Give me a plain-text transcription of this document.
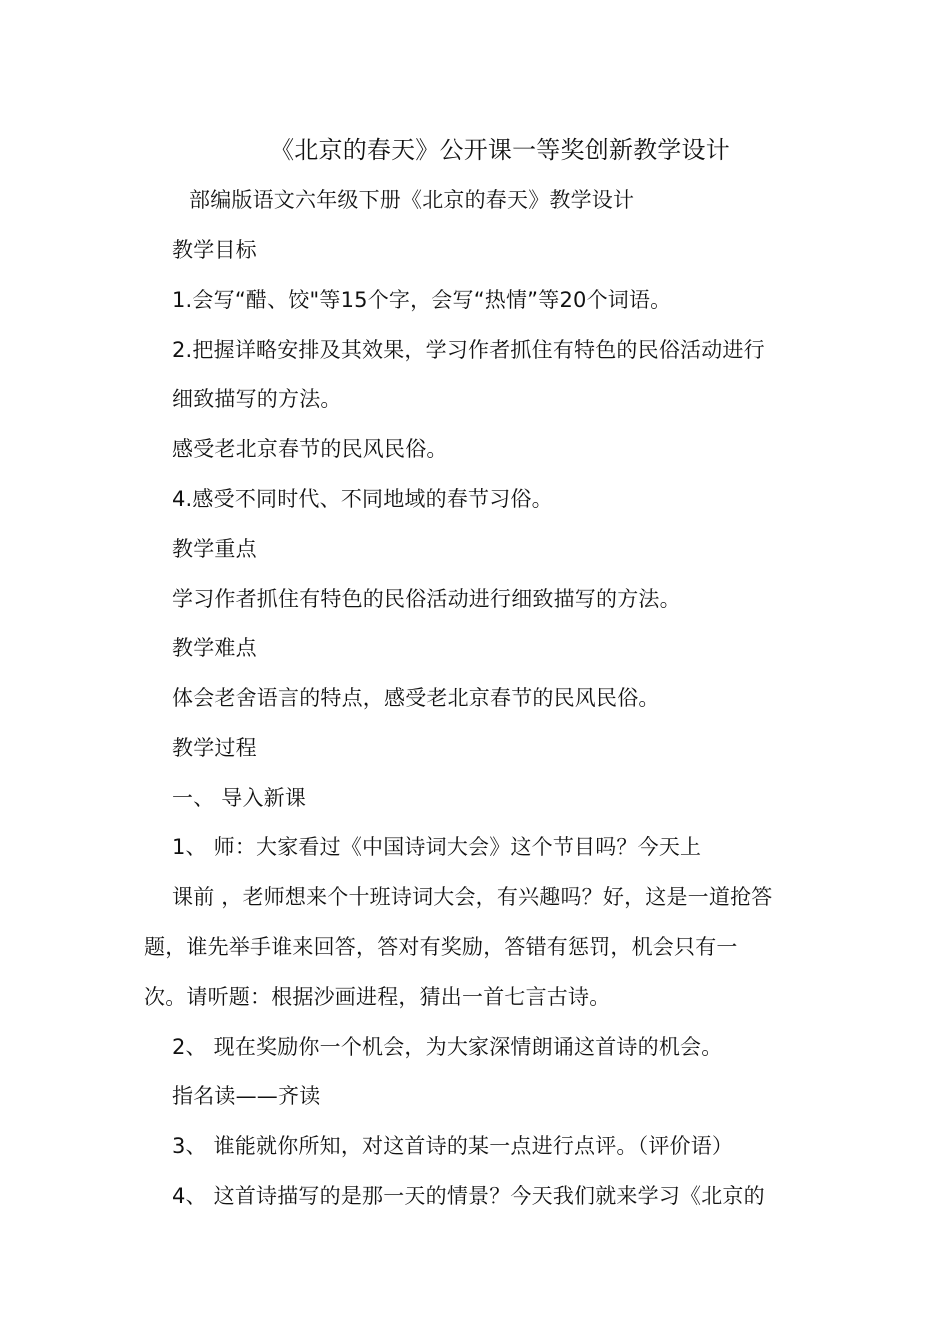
《北京的春天》公开课一等奖创新教学设计
部编版语文六年级下册《北京的春天》教学设计
教学目标
1.会写“醋、饺"等15个字，会写“热情”等20个词语。
2.把握详略安排及其效果，学习作者抓住有特色的民俗活动进行
细致描写的方法。
感受老北京春节的民风民俗。
4.感受不同时代、不同地域的春节习俗。
教学重点
学习作者抓住有特色的民俗活动进行细致描写的方法。
教学难点
体会老舍语言的特点，感受老北京春节的民风民俗。
教学过程
一、 导入新课
1、 师：大家看过《中国诗词大会》这个节目吗？今天上
课前 ，老师想来个十班诗词大会，有兴趣吗？好，这是一道抢答
题，谁先举手谁来回答，答对有奖励，答错有惩罚，机会只有一
次。请听题：根据沙画进程，猜出一首七言古诗。
2、 现在奖励你一个机会，为大家深情朗诵这首诗的机会。
指名读——齐读
3、 谁能就你所知，对这首诗的某一点进行点评。（评价语）
4、 这首诗描写的是那一天的情景？今天我们就来学习《北京的
